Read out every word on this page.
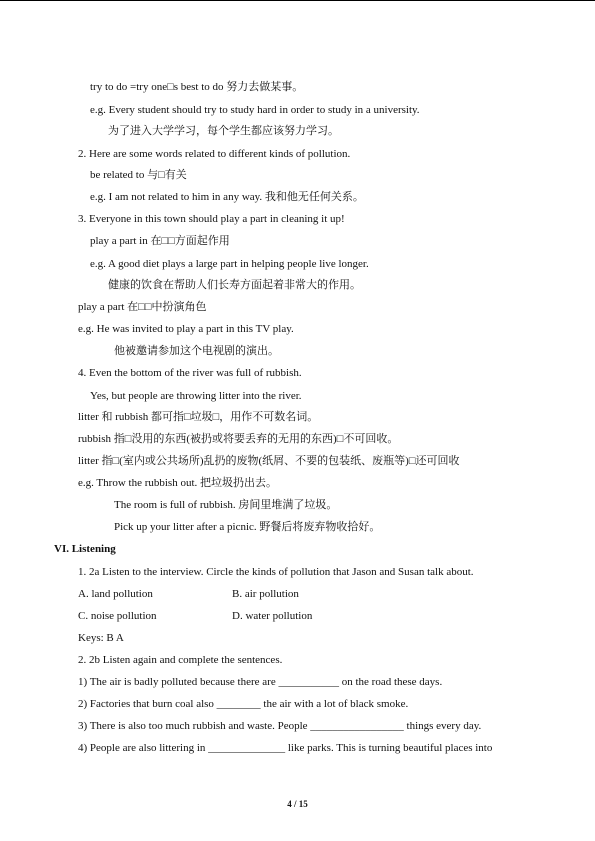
try to do =try one□s best to do 努力去做某事。
e.g. Every student should try to study hard in order to study in a university.
为了进入大学学习，每个学生都应该努力学习。
2. Here are some words related to different kinds of pollution.
be related to 与□有关
e.g. I am not related to him in any way. 我和他无任何关系。
3. Everyone in this town should play a part in cleaning it up!
play a part in 在□□方面起作用
e.g. A good diet plays a large part in helping people live longer.
健康的饮食在帮助人们长寿方面起着非常大的作用。
play a part 在□□中扮演角色
e.g. He was invited to play a part in this TV play.
他被邀请参加这个电视剧的演出。
4. Even the bottom of the river was full of rubbish.
Yes, but people are throwing litter into the river.
litter 和 rubbish 都可指□垃圾□，用作不可数名词。
rubbish 指□没用的东西(被扔或将要丢弃的无用的东西)□不可回收。
litter 指□(室内或公共场所)乱扔的废物(纸屑、不要的包装纸、废瓶等)□还可回收
e.g. Throw the rubbish out. 把垃圾扔出去。
The room is full of rubbish. 房间里堆满了垃圾。
Pick up your litter after a picnic. 野餐后将废弃物收拾好。
VI. Listening
1. 2a Listen to the interview. Circle the kinds of pollution that Jason and Susan talk about.
A. land pollution	B. air pollution
C. noise pollution	D. water pollution
Keys: B A
2. 2b Listen again and complete the sentences.
1) The air is badly polluted because there are ___________ on the road these days.
2) Factories that burn coal also ________ the air with a lot of black smoke.
3) There is also too much rubbish and waste. People _________________ things every day.
4) People are also littering in ______________ like parks. This is turning beautiful places into
4 / 15
